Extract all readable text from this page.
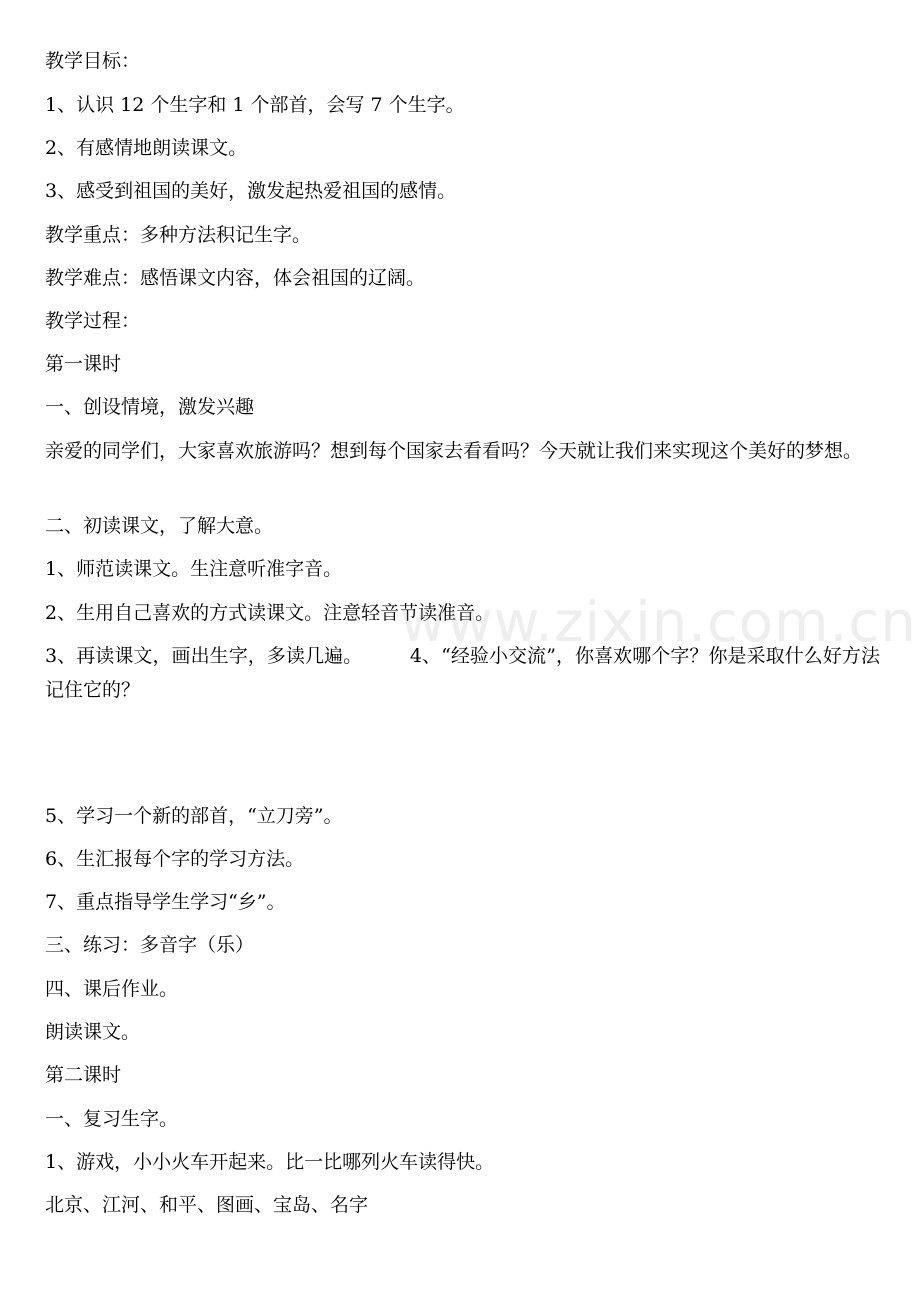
教学目标：
1、认识 12 个生字和 1 个部首，会写 7 个生字。
2、有感情地朗读课文。
3、感受到祖国的美好，激发起热爱祖国的感情。
教学重点：多种方法积记生字。
教学难点：感悟课文内容，体会祖国的辽阔。
教学过程：
第一课时
一、创设情境，激发兴趣
亲爱的同学们，大家喜欢旅游吗？想到每个国家去看看吗？今天就让我们来实现这个美好的梦想。
二、初读课文，了解大意。
1、师范读课文。生注意听准字音。
2、生用自己喜欢的方式读课文。注意轻音节读准音。
3、再读课文，画出生字，多读几遍。　　　4、“经验小交流”，你喜欢哪个字？你是采取什么好方法记住它的？
5、学习一个新的部首，“立刀旁”。
6、生汇报每个字的学习方法。
7、重点指导学生学习“乡”。
三、练习：多音字（乐）
四、课后作业。
朗读课文。
第二课时
一、复习生字。
1、游戏，小小火车开起来。比一比哪列火车读得快。
北京、江河、和平、图画、宝岛、名字
www.zixin.com.cn
